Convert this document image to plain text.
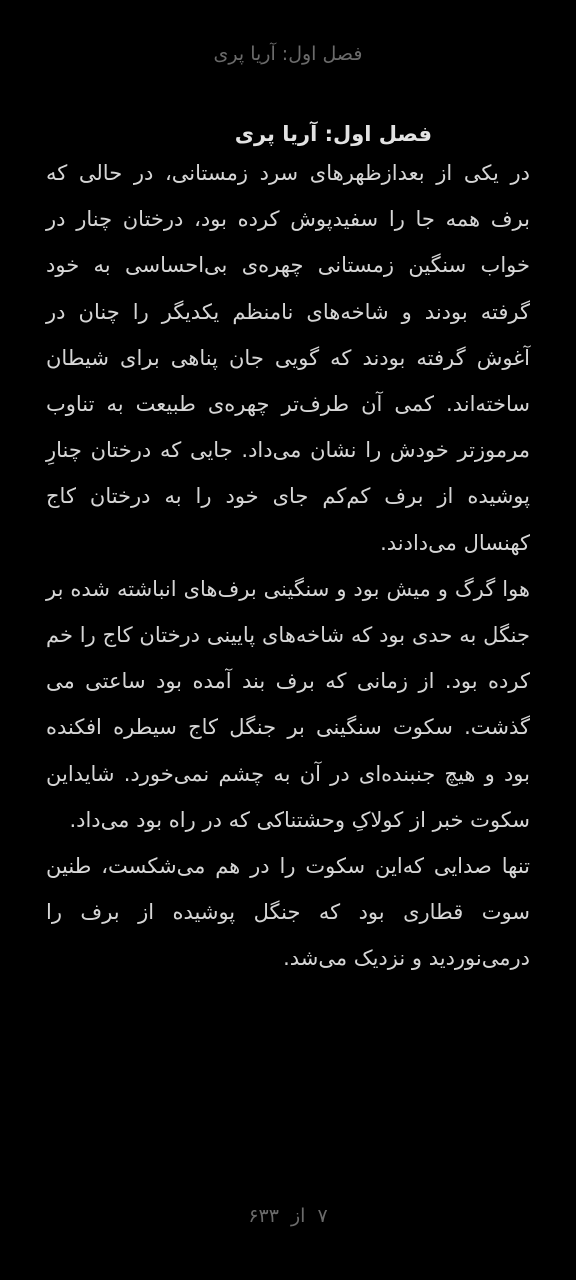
فصل اول: آریا پری
فصل اول: آریا پری

در یکی از بعدازظهرهای سرد زمستانی، در حالی که برف همه جا را سفیدپوش کرده بود، درختان چنار در خواب سنگین زمستانی چهره‌ی بی‌احساسی به خود گرفته بودند و شاخه‌های نامنظم یکدیگر را چنان در آغوش گرفته بودند که گویی جان پناهی برای شیطان ساخته‌اند. کمی آن طرف‌تر چهره‌ی طبیعت به تناوب مرموزتر خودش را نشان می‌داد. جایی که درختان چنارِ پوشیده از برف کم‌کم جای خود را به درختان کاج کهنسال می‌دادند.

هوا گرگ و میش بود و سنگینی برف‌های انباشته شده بر جنگل به حدی بود که شاخه‌های پایینی درختان کاج را خم کرده بود. از زمانی که برف بند آمده بود ساعتی می گذشت. سکوت سنگینی بر جنگل کاج سیطره افکنده بود و هیچ جنبنده‌ای در آن به چشم نمی‌خورد. شایداین سکوت خبر از کولاکِ وحشتناکی که در راه بود می‌داد.

تنها صدایی که‌این سکوت را در هم می‌شکست، طنین سوت قطاری بود که جنگل پوشیده از برف را درمی‌نوردید و نزدیک می‌شد.

۷از۶۳۳
